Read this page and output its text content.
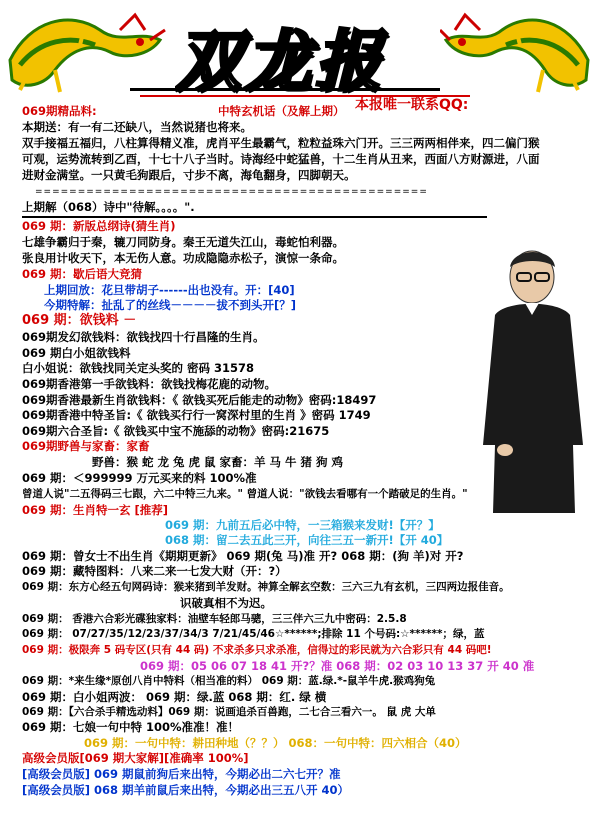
双龙报
本报唯一联系QQ:
069期精品料:	中特玄机话（及解上期）
本期送：有一有二还缺八，当然说猪也将来。
双手接福五福归，八柱算得精义准，虎肖平生最霸气，粒粒益珠六门开。三三两两相伴来，四二偏门猴
可观，运势流转到乙酉，十七十八子当时。诗海经中蛇猛兽，十二生肖从丑来，西面八方财源进，八面
进财金满堂。一只黄毛狗跟后，寸步不离，海龟翻身，四脚朝天。
==============================================
上期解（068）诗中"待解。。。。".
069 期：新版总纲诗(猜生肖)
七雄争霸归于秦，辘刀同防身。秦王无道失江山，毒蛇怕利器。
张良用计收天下，本无伤人意。功成隐隐赤松子，演惊一条命。
069 期：歇后语大竞猜
上期回放：花旦带胡子------出也没有。开：[40]
今期特解：扯乱了的丝线－－－－拔不到头开[？]
069 期：欲钱料 －
069期发幻欲钱料：欲钱找四十行昌隆的生肖。
069 期白小姐欲钱料
白小姐说：欲钱找同关定头奖的 密码 31578
069期香港第一手欲钱料：欲钱找梅花鹿的动物。
069期香港最新生肖欲钱料：《 欲钱买死后能走的动物》密码:18497
069期香港中特圣旨:《 欲钱买行行一窝深村里的生肖 》密码 1749
069期六合圣旨:《 欲钱买中宝不施舔的动物》密码:21675
069期野兽与家畜：家畜
野兽：猴 蛇 龙 兔 虎 鼠 家畜：羊 马 牛 猪 狗 鸡
069 期：＜999999 万元买来的料 100%准
曾道人说"二五得码三七跟，六二中特三九来。" 曾道人说："欲钱去看哪有一个踏破足的生肖。"
069 期：生肖特一玄 [推荐]
069 期：九前五后必中特，一三箱猴来发财!【开？】
068 期：留二去五此三开，向往三五一新开!【开 40】
069 期：曾女士不出生肖《期期更新》 069 期(兔 马)准 开? 068 期：(狗 羊)对 开?
069 期：藏特图料：八来二来一七发大财（开：?）
069 期：东方心经五句网码诗：猴来猪到羊发财。神算全解玄空数：三六三九有玄机，三四两边报佳音。
识破真相不为迟。
069 期： 香港六合彩光碟独家料：油壁车轻郎马骢，三三伴六三九中密码：2.5.8
069 期： 07/27/35/12/23/37/34/3 7/21/45/46☆******;排除 11 个号码:☆******；绿，蓝
069 期：极限奔 5 码专区(只有 44 码) 不求杀多只求杀准，信得过的彩民就为六合彩只有 44 码吧!
069 期：05 06 07 18 41 开?？准 068 期：02 03 10 13 37 开 40 准
069 期：*来生缘*原创八肖中特料（相当准的料） 069 期：蓝.绿.*-鼠羊牛虎.猴鸡狗兔
069 期：白小姐两波： 069 期：绿.蓝 068 期：红. 绿 横
069 期：【六合杀手精选动料】069 期：说画追杀百兽跑，二七合三看六一。 鼠 虎 大单
069 期：七娘一句中特 100%准准！准！
069 期：一句中特：耕田种地（？？） 068：一句中特：四六相合（40）
高级会员版[069 期大家解][准确率 100%]
[高级会员版] 069 期鼠前狗后来出特，今期必出二六七开？准
[高级会员版] 068 期羊前鼠后来出特，今期必出三五八开 40）
